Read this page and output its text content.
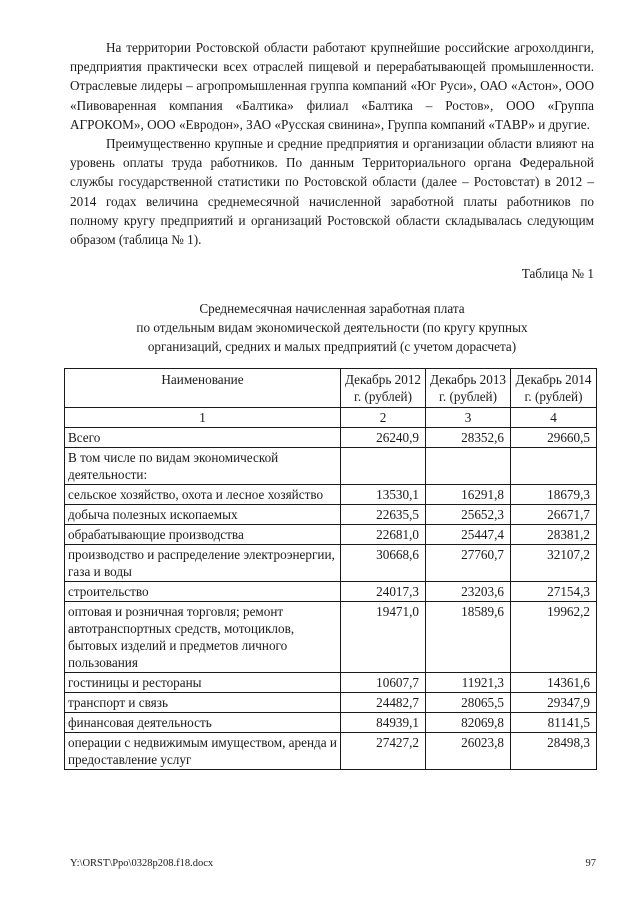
На территории Ростовской области работают крупнейшие российские агрохолдинги, предприятия практически всех отраслей пищевой и перерабатывающей промышленности. Отраслевые лидеры – агропромышленная группа компаний «Юг Руси», ОАО «Астон», ООО «Пивоваренная компания «Балтика» филиал «Балтика – Ростов», ООО «Группа АГРОКОМ», ООО «Евродон», ЗАО «Русская свинина», Группа компаний «ТАВР» и другие.

Преимущественно крупные и средние предприятия и организации области влияют на уровень оплаты труда работников. По данным Территориального органа Федеральной службы государственной статистики по Ростовской области (далее – Ростовстат) в 2012 – 2014 годах величина среднемесячной начисленной заработной платы работников по полному кругу предприятий и организаций Ростовской области складывалась следующим образом (таблица № 1).

Таблица № 1
Среднемесячная начисленная заработная плата
по отдельным видам экономической деятельности (по кругу крупных
организаций, средних и малых предприятий (с учетом дорасчета)
Наименование	Декабрь 2012 г. (рублей)	Декабрь 2013 г. (рублей)	Декабрь 2014 г. (рублей)
1	2	3	4
Всего	26240,9	28352,6	29660,5
В том числе по видам экономической деятельности:			
сельское хозяйство, охота и лесное хозяйство	13530,1	16291,8	18679,3
добыча полезных ископаемых	22635,5	25652,3	26671,7
обрабатывающие производства	22681,0	25447,4	28381,2
производство и распределение электроэнергии, газа и воды	30668,6	27760,7	32107,2
строительство	24017,3	23203,6	27154,3
оптовая и розничная торговля; ремонт автотранспортных средств, мотоциклов, бытовых изделий и предметов личного пользования	19471,0	18589,6	19962,2
гостиницы и рестораны	10607,7	11921,3	14361,6
транспорт и связь	24482,7	28065,5	29347,9
финансовая деятельность	84939,1	82069,8	81141,5
операции с недвижимым имуществом, аренда и предоставление услуг	27427,2	26023,8	28498,3
Y:\ORST\Ppo\0328p208.f18.docx	97
